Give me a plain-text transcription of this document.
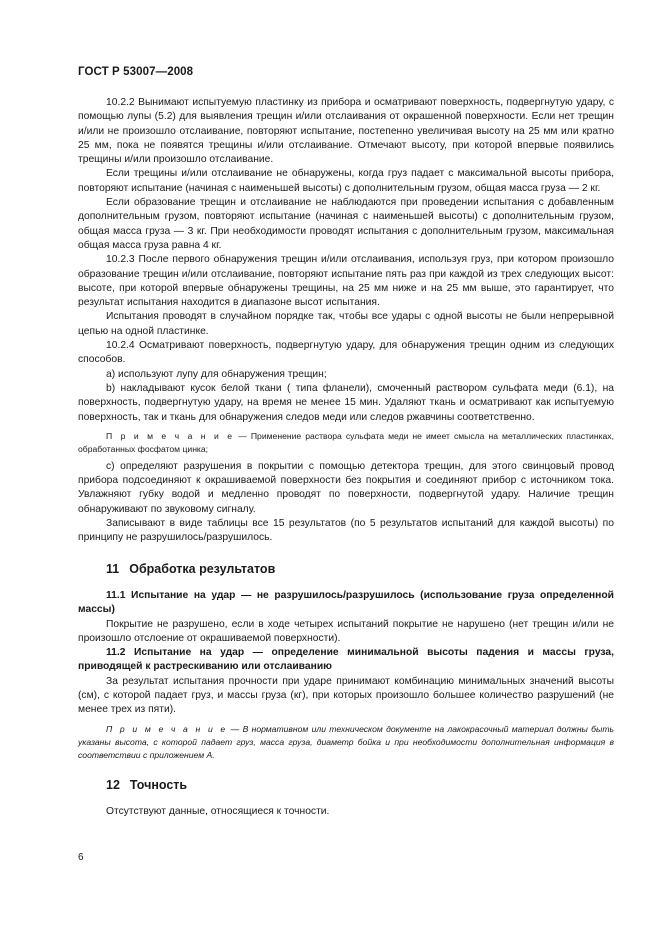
ГОСТ Р 53007—2008

10.2.2 Вынимают испытуемую пластинку из прибора и осматривают поверхность, подвергнутую удару, с помощью лупы (5.2) для выявления трещин и/или отслаивания от окрашенной поверхности. Если нет трещин и/или не произошло отслаивание, повторяют испытание, постепенно увеличивая высоту на 25 мм или кратно 25 мм, пока не появятся трещины и/или отслаивание. Отмечают высоту, при которой впервые появились трещины и/или произошло отслаивание.

Если трещины и/или отслаивание не обнаружены, когда груз падает с максимальной высоты прибора, повторяют испытание (начиная с наименьшей высоты) с дополнительным грузом, общая масса груза — 2 кг.

Если образование трещин и отслаивание не наблюдаются при проведении испытания с добавленным дополнительным грузом, повторяют испытание (начиная с наименьшей высоты) с дополнительным грузом, общая масса груза — 3 кг. При необходимости проводят испытания с дополнительным грузом, максимальная общая масса груза равна 4 кг.

10.2.3 После первого обнаружения трещин и/или отслаивания, используя груз, при котором произошло образование трещин и/или отслаивание, повторяют испытание пять раз при каждой из трех следующих высот: высоте, при которой впервые обнаружены трещины, на 25 мм ниже и на 25 мм выше, это гарантирует, что результат испытания находится в диапазоне высот испытания.

Испытания проводят в случайном порядке так, чтобы все удары с одной высоты не были непрерывной цепью на одной пластинке.

10.2.4 Осматривают поверхность, подвергнутую удару, для обнаружения трещин одним из следующих способов.

a) используют лупу для обнаружения трещин;

b) накладывают кусок белой ткани ( типа фланели), смоченный раствором сульфата меди (6.1), на поверхность, подвергнутую удару, на время не менее 15 мин. Удаляют ткань и осматривают как испытуемую поверхность, так и ткань для обнаружения следов меди или следов ржавчины соответственно.

П р и м е ч а н и е — Применение раствора сульфата меди не имеет смысла на металлических пластинках, обработанных фосфатом цинка;

c) определяют разрушения в покрытии с помощью детектора трещин, для этого свинцовый провод прибора подсоединяют к окрашиваемой поверхности без покрытия и соединяют прибор с источником тока. Увлажняют губку водой и медленно проводят по поверхности, подвергнутой удару. Наличие трещин обнаруживают по звуковому сигналу.

Записывают в виде таблицы все 15 результатов (по 5 результатов испытаний для каждой высоты) по принципу не разрушилось/разрушилось.

11 Обработка результатов

11.1 Испытание на удар — не разрушилось/разрушилось (использование груза определенной массы)

Покрытие не разрушено, если в ходе четырех испытаний покрытие не нарушено (нет трещин и/или не произошло отслоение от окрашиваемой поверхности).

11.2 Испытание на удар — определение минимальной высоты падения и массы груза, приводящей к растрескиванию или отслаиванию

За результат испытания прочности при ударе принимают комбинацию минимальных значений высоты (см), с которой падает груз, и массы груза (кг), при которых произошло большее количество разрушений (не менее трех из пяти).

П р и м е ч а н и е — В нормативном или техническом документе на лакокрасочный материал должны быть указаны высота, с которой падает груз, масса груза, диаметр бойка и при необходимости дополнительная информация в соответствии с приложением А.

12 Точность

Отсутствуют данные, относящиеся к точности.

6
